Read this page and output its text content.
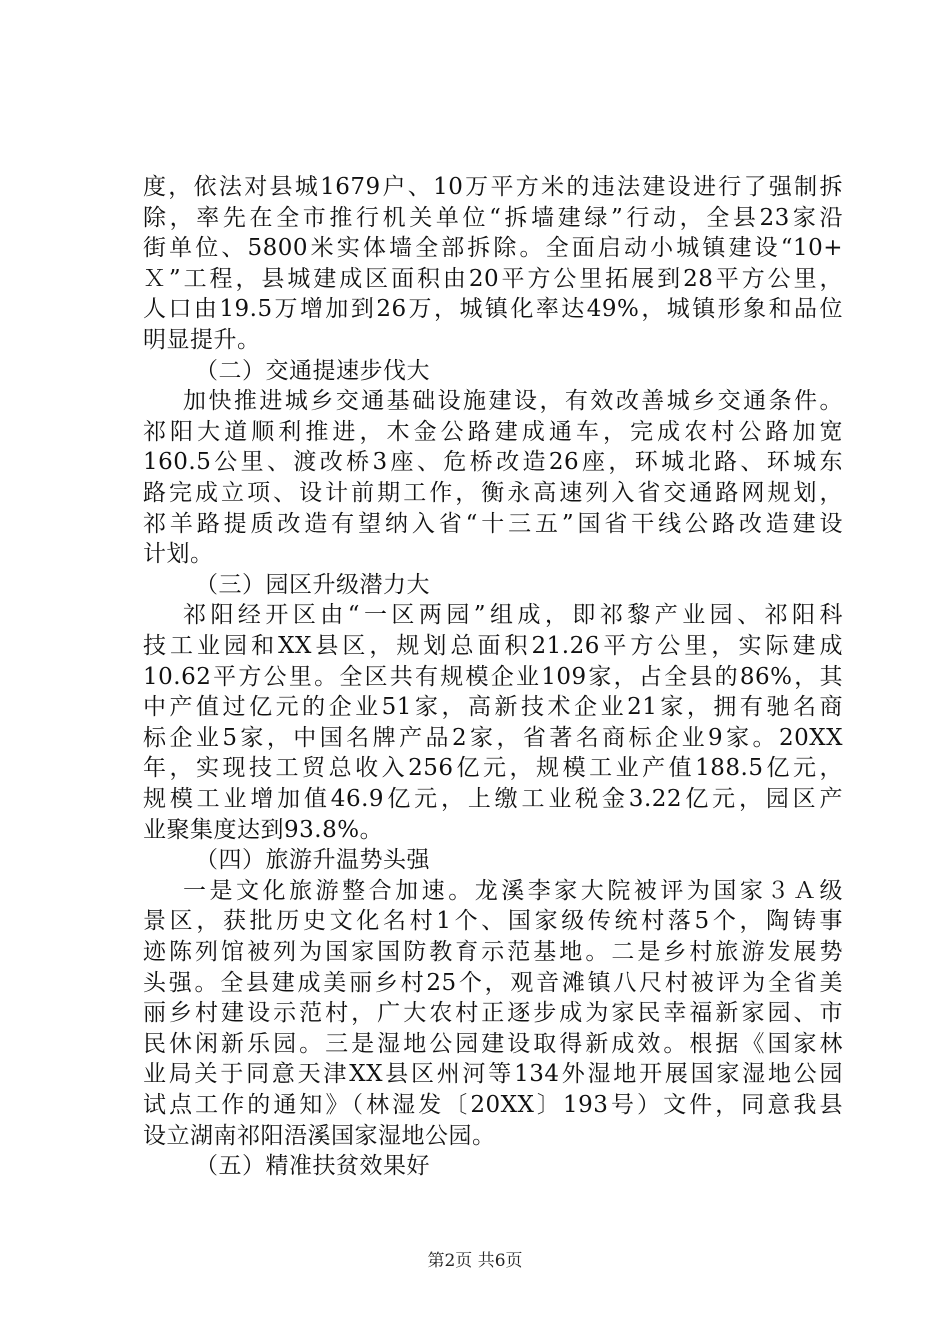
度，依法对县城1679户、10万平方米的违法建设进行了强制拆
除，率先在全市推行机关单位“拆墙建绿”行动，全县23家沿
街单位、5800米实体墙全部拆除。全面启动小城镇建设“10+
Ｘ”工程，县城建成区面积由20平方公里拓展到28平方公里，
人口由19.5万增加到26万，城镇化率达49%，城镇形象和品位
明显提升。
（二）交通提速步伐大
加快推进城乡交通基础设施建设，有效改善城乡交通条件。
祁阳大道顺利推进，木金公路建成通车，完成农村公路加宽
160.5公里、渡改桥3座、危桥改造26座，环城北路、环城东
路完成立项、设计前期工作，衡永高速列入省交通路网规划，
祁羊路提质改造有望纳入省“十三五”国省干线公路改造建设
计划。
（三）园区升级潜力大
祁阳经开区由“一区两园”组成，即祁黎产业园、祁阳科
技工业园和XX县区，规划总面积21.26平方公里，实际建成
10.62平方公里。全区共有规模企业109家，占全县的86%，其
中产值过亿元的企业51家，高新技术企业21家，拥有驰名商
标企业5家，中国名牌产品2家，省著名商标企业9家。20XX
年，实现技工贸总收入256亿元，规模工业产值188.5亿元，
规模工业增加值46.9亿元，上缴工业税金3.22亿元，园区产
业聚集度达到93.8%。
（四）旅游升温势头强
一是文化旅游整合加速。龙溪李家大院被评为国家３Ａ级
景区，获批历史文化名村1个、国家级传统村落5个，陶铸事
迹陈列馆被列为国家国防教育示范基地。二是乡村旅游发展势
头强。全县建成美丽乡村25个，观音滩镇八尺村被评为全省美
丽乡村建设示范村，广大农村正逐步成为家民幸福新家园、市
民休闲新乐园。三是湿地公园建设取得新成效。根据《国家林
业局关于同意天津XX县区州河等134外湿地开展国家湿地公园
试点工作的通知》（林湿发〔20XX〕193号）文件，同意我县
设立湖南祁阳浯溪国家湿地公园。
（五）精准扶贫效果好
第2页 共6页
